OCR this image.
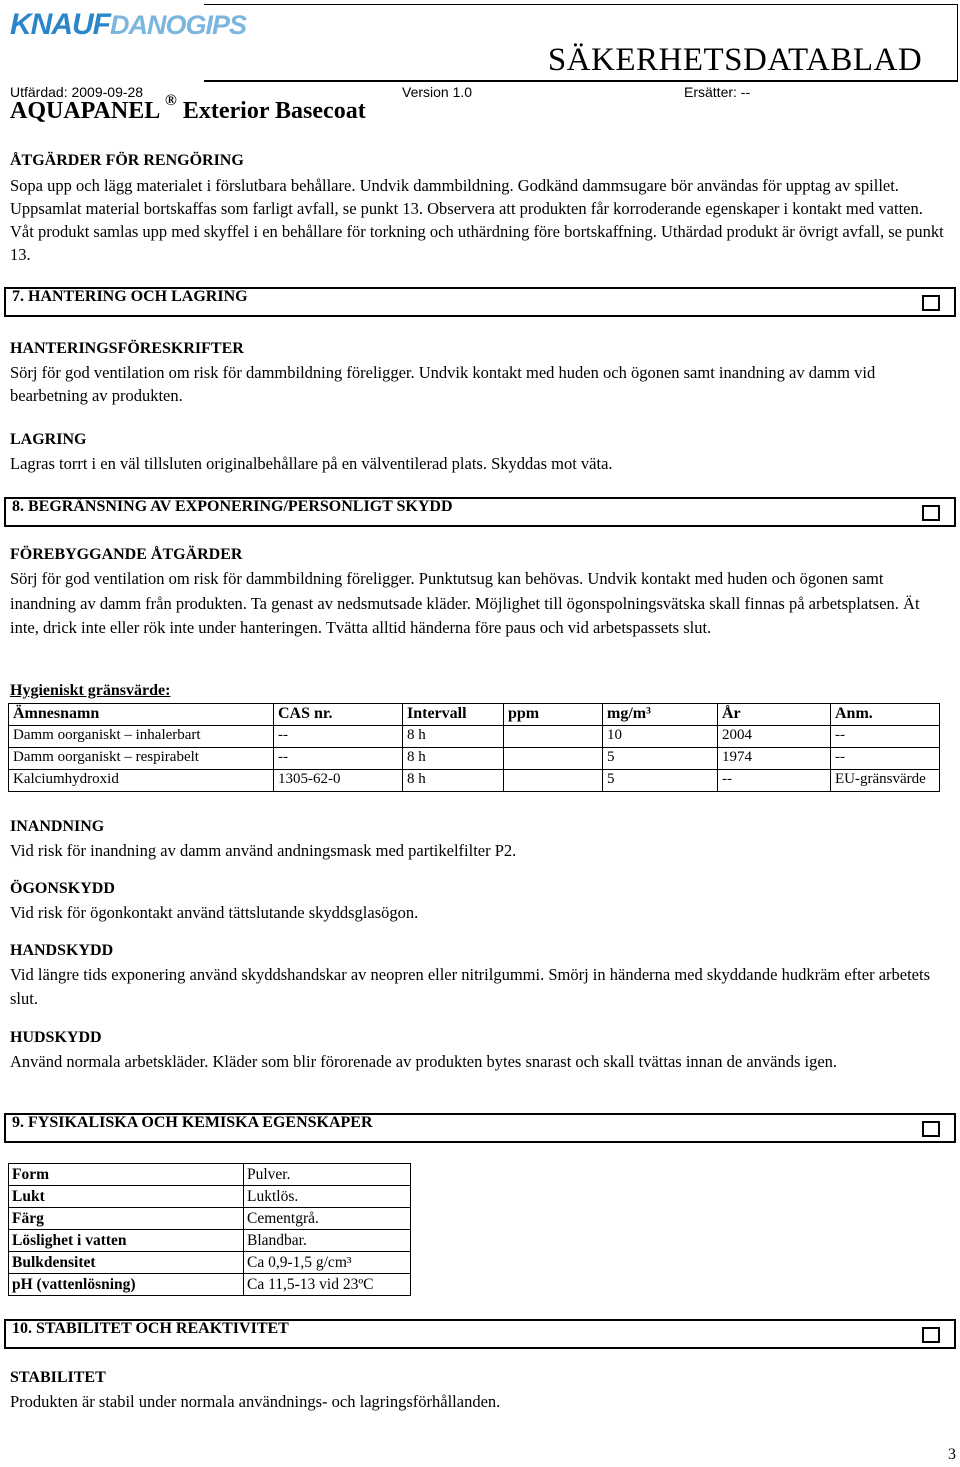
KNAUFDANOGIPS
SÄKERHETSDATABLAD
Utfärdad: 2009-09-28	Version 1.0	Ersätter: --
AQUAPANEL ® Exterior Basecoat
ÅTGÄRDER FÖR RENGÖRING
Sopa upp och lägg materialet i förslutbara behållare. Undvik dammbildning. Godkänd dammsugare bör användas för upptag av spillet. Uppsamlat material bortskaffas som farligt avfall, se punkt 13. Observera att produkten får korroderande egenskaper i kontakt med vatten. Våt produkt samlas upp med skyffel i en behållare för torkning och uthärdning före bortskaffning. Uthärdad produkt är övrigt avfall, se punkt 13.
7. HANTERING OCH LAGRING
HANTERINGSFÖRESKRIFTER
Sörj för god ventilation om risk för dammbildning föreligger. Undvik kontakt med huden och ögonen samt inandning av damm vid bearbetning av produkten.
LAGRING
Lagras torrt i en väl tillsluten originalbehållare på en välventilerad plats. Skyddas mot väta.
8. BEGRÄNSNING AV EXPONERING/PERSONLIGT SKYDD
FÖREBYGGANDE ÅTGÄRDER
Sörj för god ventilation om risk för dammbildning föreligger. Punktutsug kan behövas. Undvik kontakt med huden och ögonen samt inandning av damm från produkten. Ta genast av nedsmutsade kläder. Möjlighet till ögonspolningsvätska skall finnas på arbetsplatsen. Ät inte, drick inte eller rök inte under hanteringen. Tvätta alltid händerna före paus och vid arbetspassets slut.
Hygieniskt gränsvärde:
Ämnesnamn	CAS nr.	Intervall	ppm	mg/m³	År	Anm.
Damm oorganiskt – inhalerbart	--	8 h		10	2004	--
Damm oorganiskt – respirabelt	--	8 h		5	1974	--
Kalciumhydroxid	1305-62-0	8 h		5	--	EU-gränsvärde
INANDNING
Vid risk för inandning av damm använd andningsmask med partikelfilter P2.
ÖGONSKYDD
Vid risk för ögonkontakt använd tättslutande skyddsglasögon.
HANDSKYDD
Vid längre tids exponering använd skyddshandskar av neopren eller nitrilgummi. Smörj in händerna med skyddande hudkräm efter arbetets slut.
HUDSKYDD
Använd normala arbetskläder. Kläder som blir förorenade av produkten bytes snarast och skall tvättas innan de används igen.
9. FYSIKALISKA OCH KEMISKA EGENSKAPER
Form	Pulver.
Lukt	Luktlös.
Färg	Cementgrå.
Löslighet i vatten	Blandbar.
Bulkdensitet	Ca 0,9-1,5 g/cm³
pH (vattenlösning)	Ca 11,5-13 vid 23ºC
10. STABILITET OCH REAKTIVITET
STABILITET
Produkten är stabil under normala användnings- och lagringsförhållanden.
3
